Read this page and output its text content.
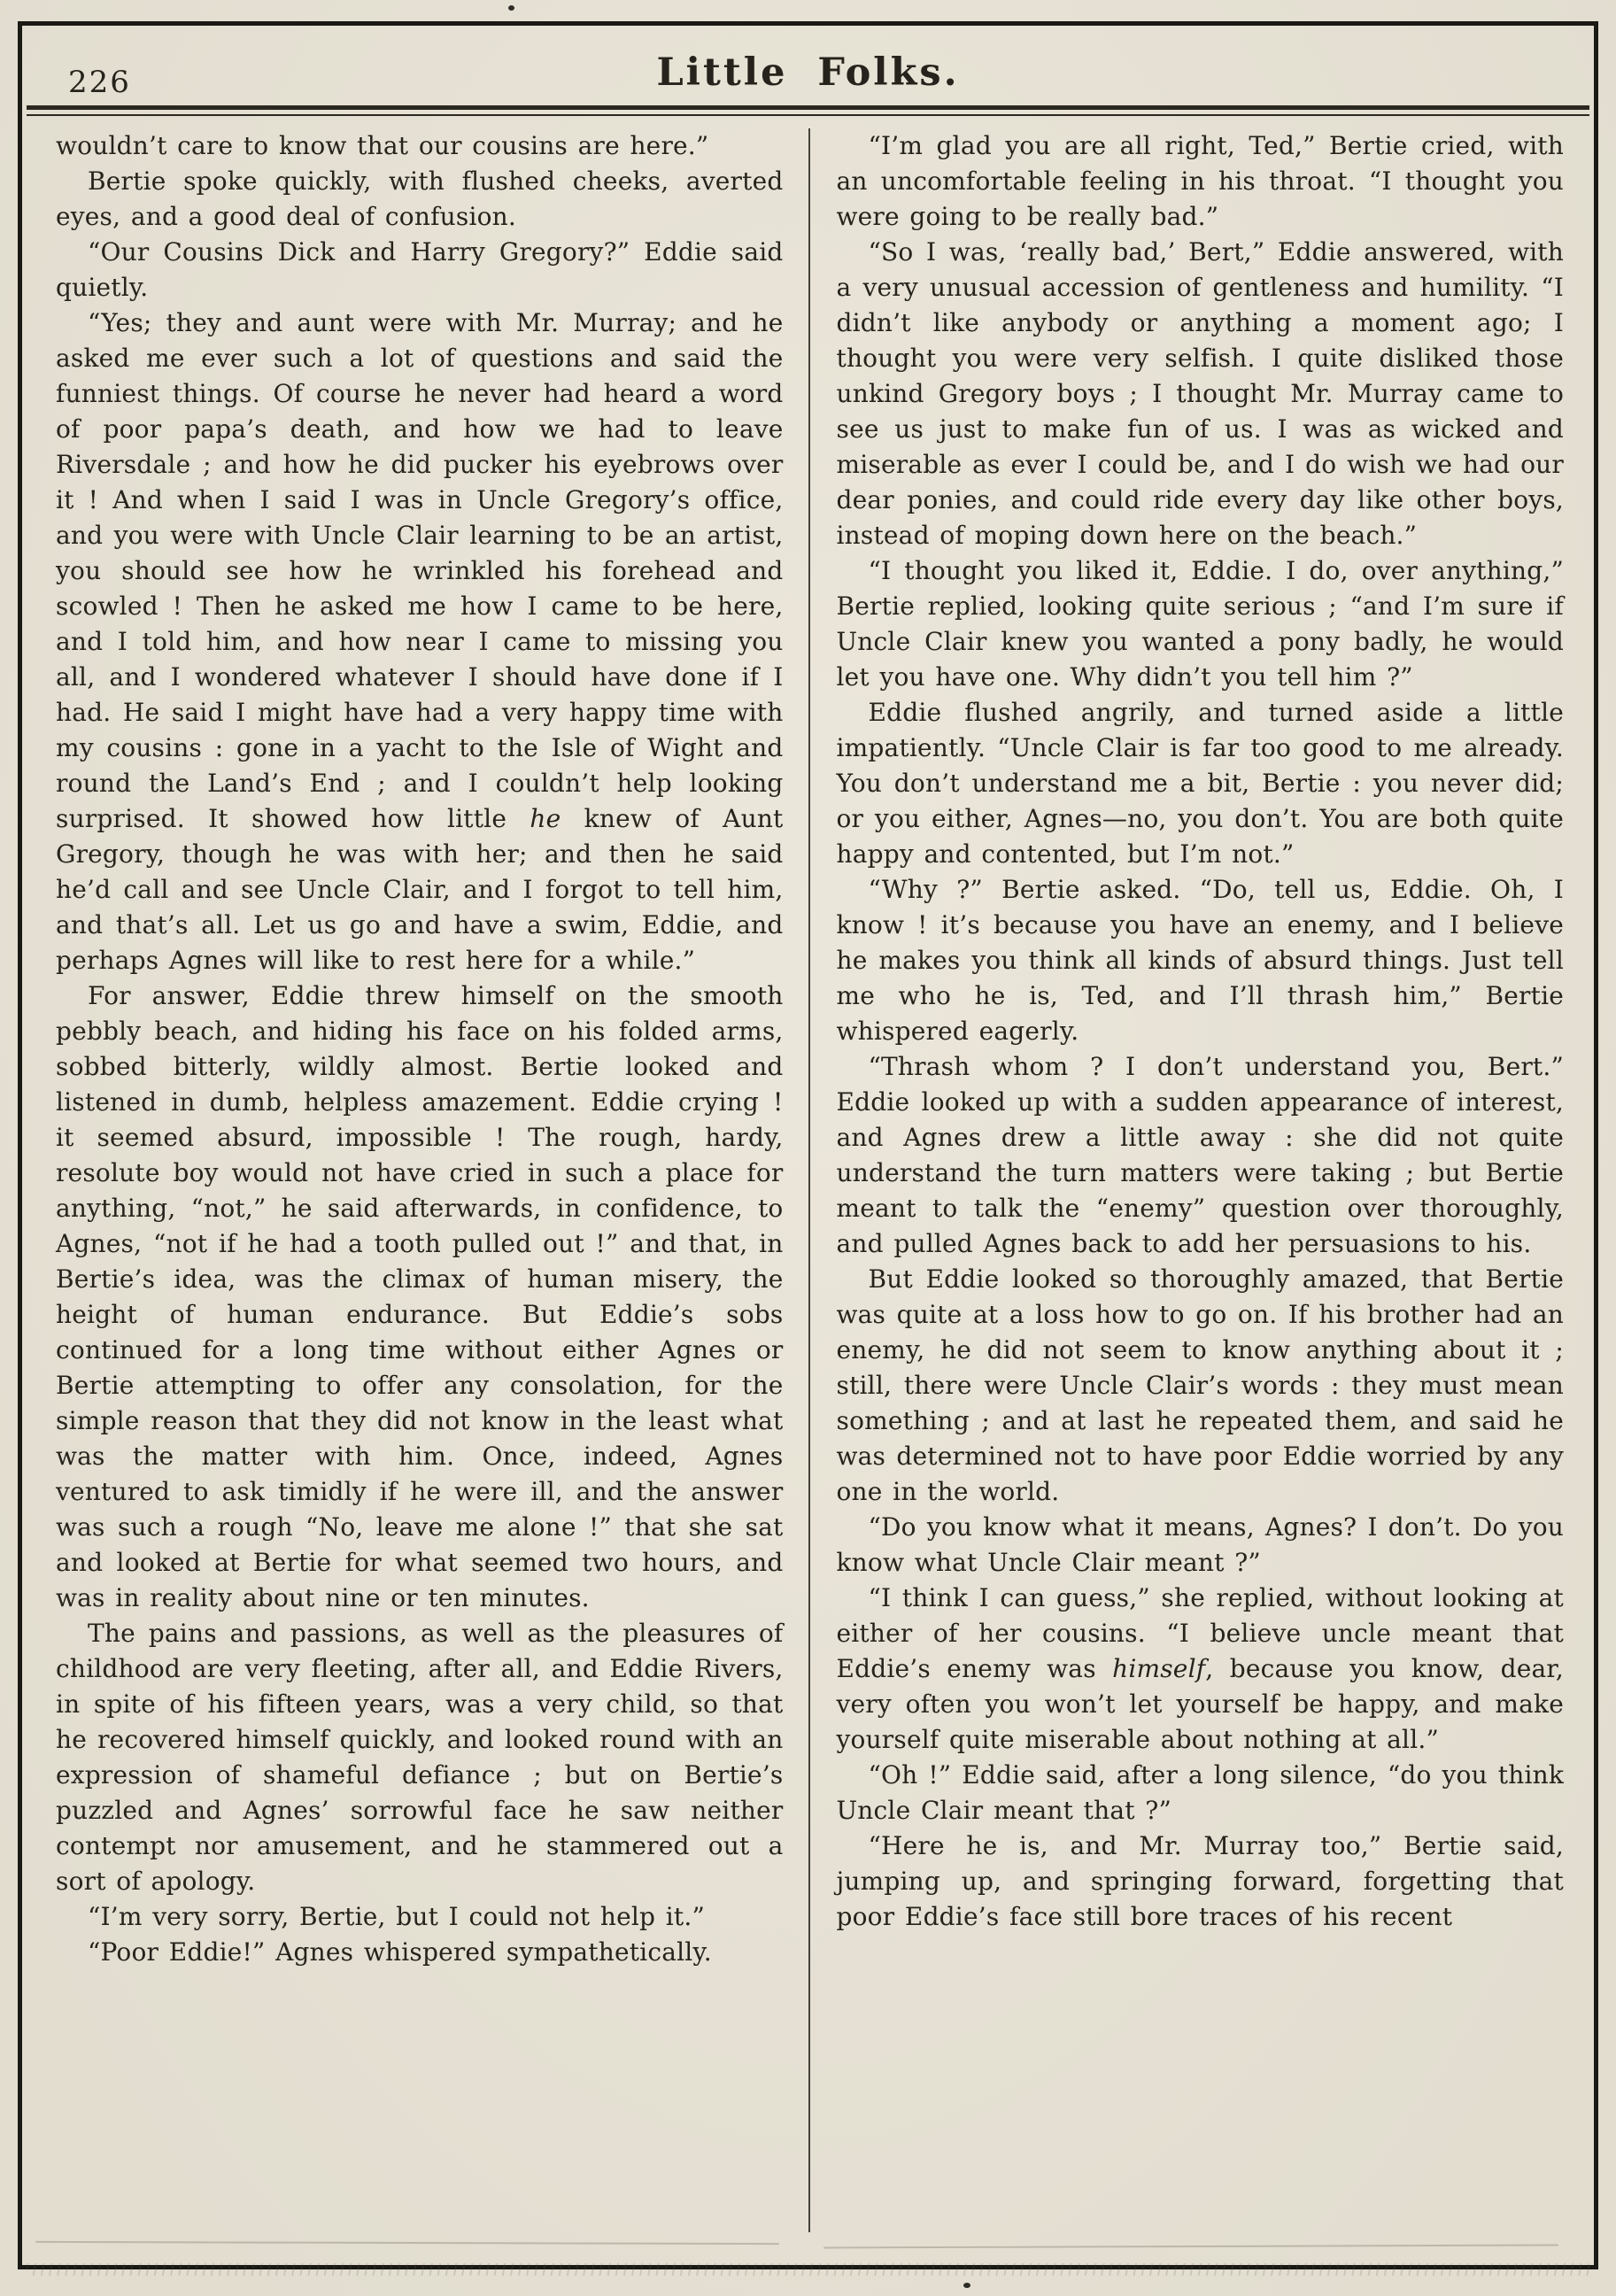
226	Little Folks.

wouldn’t care to know that our cousins are here.”

Bertie spoke quickly, with flushed cheeks, averted eyes, and a good deal of confusion.

“Our Cousins Dick and Harry Gregory?” Eddie said quietly.

“Yes; they and aunt were with Mr. Murray; and he asked me ever such a lot of questions and said the funniest things. Of course he never had heard a word of poor papa’s death, and how we had to leave Riversdale ; and how he did pucker his eyebrows over it ! And when I said I was in Uncle Gregory’s office, and you were with Uncle Clair learning to be an artist, you should see how he wrinkled his forehead and scowled ! Then he asked me how I came to be here, and I told him, and how near I came to missing you all, and I wondered whatever I should have done if I had. He said I might have had a very happy time with my cousins : gone in a yacht to the Isle of Wight and round the Land’s End ; and I couldn’t help looking surprised. It showed how little he knew of Aunt Gregory, though he was with her; and then he said he’d call and see Uncle Clair, and I forgot to tell him, and that’s all. Let us go and have a swim, Eddie, and perhaps Agnes will like to rest here for a while.”

For answer, Eddie threw himself on the smooth pebbly beach, and hiding his face on his folded arms, sobbed bitterly, wildly almost. Bertie looked and listened in dumb, helpless amazement. Eddie crying ! it seemed absurd, impossible ! The rough, hardy, resolute boy would not have cried in such a place for anything, “not,” he said afterwards, in confidence, to Agnes, “not if he had a tooth pulled out !” and that, in Bertie’s idea, was the climax of human misery, the height of human endurance. But Eddie’s sobs continued for a long time without either Agnes or Bertie attempting to offer any consolation, for the simple reason that they did not know in the least what was the matter with him. Once, indeed, Agnes ventured to ask timidly if he were ill, and the answer was such a rough “No, leave me alone !” that she sat and looked at Bertie for what seemed two hours, and was in reality about nine or ten minutes.

The pains and passions, as well as the pleasures of childhood are very fleeting, after all, and Eddie Rivers, in spite of his fifteen years, was a very child, so that he recovered himself quickly, and looked round with an expression of shameful defiance ; but on Bertie’s puzzled and Agnes’ sorrowful face he saw neither contempt nor amusement, and he stammered out a sort of apology.

“I’m very sorry, Bertie, but I could not help it.”

“Poor Eddie!” Agnes whispered sympathetically.

“I’m glad you are all right, Ted,” Bertie cried, with an uncomfortable feeling in his throat. “I thought you were going to be really bad.”

“So I was, ‘really bad,’ Bert,” Eddie answered, with a very unusual accession of gentleness and humility. “I didn’t like anybody or anything a moment ago; I thought you were very selfish. I quite disliked those unkind Gregory boys ; I thought Mr. Murray came to see us just to make fun of us. I was as wicked and miserable as ever I could be, and I do wish we had our dear ponies, and could ride every day like other boys, instead of moping down here on the beach.”

“I thought you liked it, Eddie. I do, over anything,” Bertie replied, looking quite serious ; “and I’m sure if Uncle Clair knew you wanted a pony badly, he would let you have one. Why didn’t you tell him ?”

Eddie flushed angrily, and turned aside a little impatiently. “Uncle Clair is far too good to me already. You don’t understand me a bit, Bertie : you never did; or you either, Agnes—no, you don’t. You are both quite happy and contented, but I’m not.”

“Why ?” Bertie asked. “Do, tell us, Eddie. Oh, I know ! it’s because you have an enemy, and I believe he makes you think all kinds of absurd things. Just tell me who he is, Ted, and I’ll thrash him,” Bertie whispered eagerly.

“Thrash whom ? I don’t understand you, Bert.” Eddie looked up with a sudden appearance of interest, and Agnes drew a little away : she did not quite understand the turn matters were taking ; but Bertie meant to talk the “enemy” question over thoroughly, and pulled Agnes back to add her persuasions to his.

But Eddie looked so thoroughly amazed, that Bertie was quite at a loss how to go on. If his brother had an enemy, he did not seem to know anything about it ; still, there were Uncle Clair’s words : they must mean something ; and at last he repeated them, and said he was determined not to have poor Eddie worried by any one in the world.

“Do you know what it means, Agnes? I don’t. Do you know what Uncle Clair meant ?”

“I think I can guess,” she replied, without looking at either of her cousins. “I believe uncle meant that Eddie’s enemy was himself, because you know, dear, very often you won’t let yourself be happy, and make yourself quite miserable about nothing at all.”

“Oh !” Eddie said, after a long silence, “do you think Uncle Clair meant that ?”

“Here he is, and Mr. Murray too,” Bertie said, jumping up, and springing forward, forgetting that poor Eddie’s face still bore traces of his recent
